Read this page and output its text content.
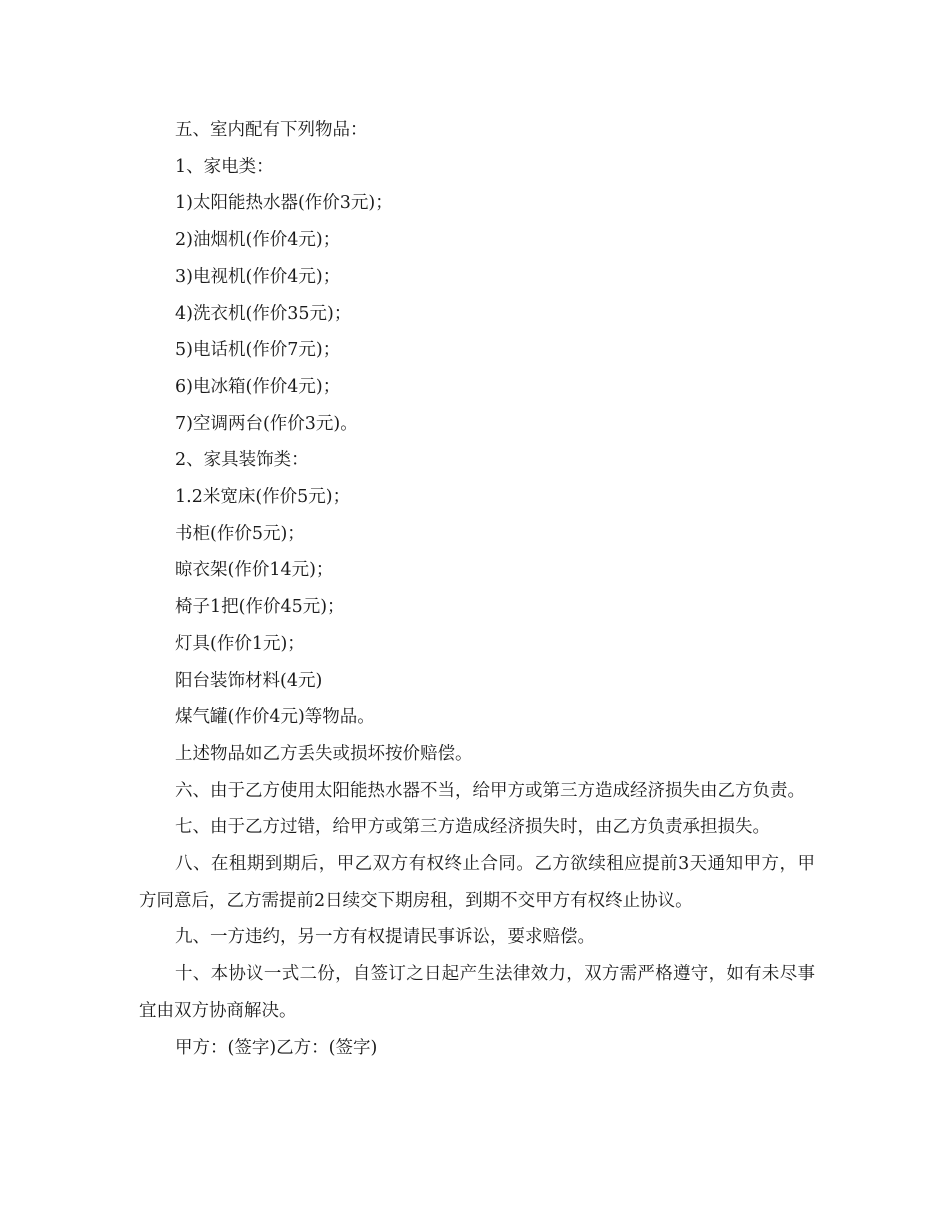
五、室内配有下列物品：

1、家电类：

1)太阳能热水器(作价3元)；

2)油烟机(作价4元)；

3)电视机(作价4元)；

4)洗衣机(作价35元)；

5)电话机(作价7元)；

6)电冰箱(作价4元)；

7)空调两台(作价3元)。

2、家具装饰类：

1.2米宽床(作价5元)；

书柜(作价5元)；

晾衣架(作价14元)；

椅子1把(作价45元)；

灯具(作价1元)；

阳台装饰材料(4元)

煤气罐(作价4元)等物品。

上述物品如乙方丢失或损坏按价赔偿。

六、由于乙方使用太阳能热水器不当，给甲方或第三方造成经济损失由乙方负责。

七、由于乙方过错，给甲方或第三方造成经济损失时，由乙方负责承担损失。

八、在租期到期后，甲乙双方有权终止合同。乙方欲续租应提前3天通知甲方，甲方同意后，乙方需提前2日续交下期房租，到期不交甲方有权终止协议。

九、一方违约，另一方有权提请民事诉讼，要求赔偿。

十、本协议一式二份，自签订之日起产生法律效力，双方需严格遵守，如有未尽事宜由双方协商解决。

甲方：(签字)乙方：(签字)
